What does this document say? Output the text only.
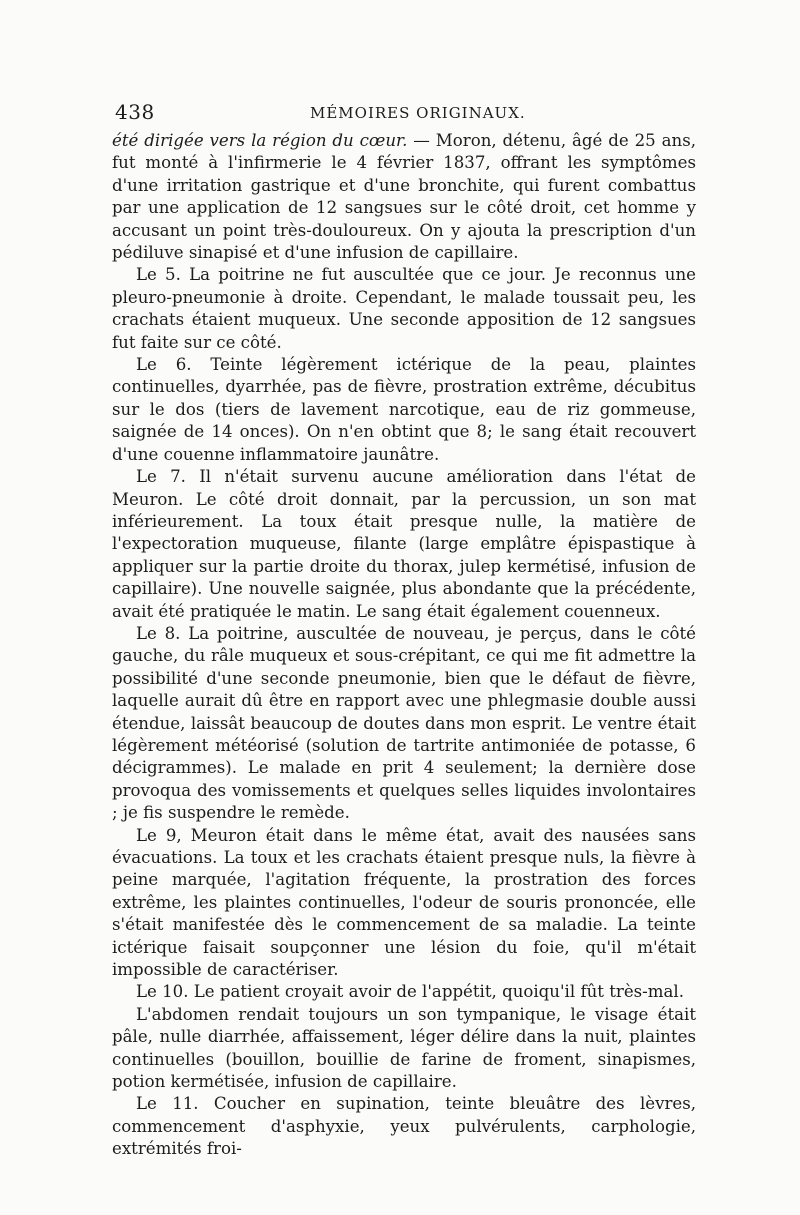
438	MÉMOIRES ORIGINAUX.

été dirigée vers la région du cœur. — Moron, détenu, âgé de 25 ans, fut monté à l'infirmerie le 4 février 1837, offrant les symptômes d'une irritation gastrique et d'une bronchite, qui furent combattus par une application de 12 sangsues sur le côté droit, cet homme y accusant un point très-douloureux. On y ajouta la prescription d'un pédiluve sinapisé et d'une infusion de capillaire.

Le 5. La poitrine ne fut auscultée que ce jour. Je reconnus une pleuro-pneumonie à droite. Cependant, le malade toussait peu, les crachats étaient muqueux. Une seconde apposition de 12 sangsues fut faite sur ce côté.

Le 6. Teinte légèrement ictérique de la peau, plaintes continuelles, dyarrhée, pas de fièvre, prostration extrême, décubitus sur le dos (tiers de lavement narcotique, eau de riz gommeuse, saignée de 14 onces). On n'en obtint que 8; le sang était recouvert d'une couenne inflammatoire jaunâtre.

Le 7. Il n'était survenu aucune amélioration dans l'état de Meuron. Le côté droit donnait, par la percussion, un son mat inférieurement. La toux était presque nulle, la matière de l'expectoration muqueuse, filante (large emplâtre épispastique à appliquer sur la partie droite du thorax, julep kermétisé, infusion de capillaire). Une nouvelle saignée, plus abondante que la précédente, avait été pratiquée le matin. Le sang était également couenneux.

Le 8. La poitrine, auscultée de nouveau, je perçus, dans le côté gauche, du râle muqueux et sous-crépitant, ce qui me fit admettre la possibilité d'une seconde pneumonie, bien que le défaut de fièvre, laquelle aurait dû être en rapport avec une phlegmasie double aussi étendue, laissât beaucoup de doutes dans mon esprit. Le ventre était légèrement météorisé (solution de tartrite antimoniée de potasse, 6 décigrammes). Le malade en prit 4 seulement; la dernière dose provoqua des vomissements et quelques selles liquides involontaires ; je fis suspendre le remède.

Le 9, Meuron était dans le même état, avait des nausées sans évacuations. La toux et les crachats étaient presque nuls, la fièvre à peine marquée, l'agitation fréquente, la prostration des forces extrême, les plaintes continuelles, l'odeur de souris prononcée, elle s'était manifestée dès le commencement de sa maladie. La teinte ictérique faisait soupçonner une lésion du foie, qu'il m'était impossible de caractériser.

Le 10. Le patient croyait avoir de l'appétit, quoiqu'il fût très-mal.

L'abdomen rendait toujours un son tympanique, le visage était pâle, nulle diarrhée, affaissement, léger délire dans la nuit, plaintes continuelles (bouillon, bouillie de farine de froment, sinapismes, potion kermétisée, infusion de capillaire.

Le 11. Coucher en supination, teinte bleuâtre des lèvres, commencement d'asphyxie, yeux pulvérulents, carphologie, extrémités froi-
